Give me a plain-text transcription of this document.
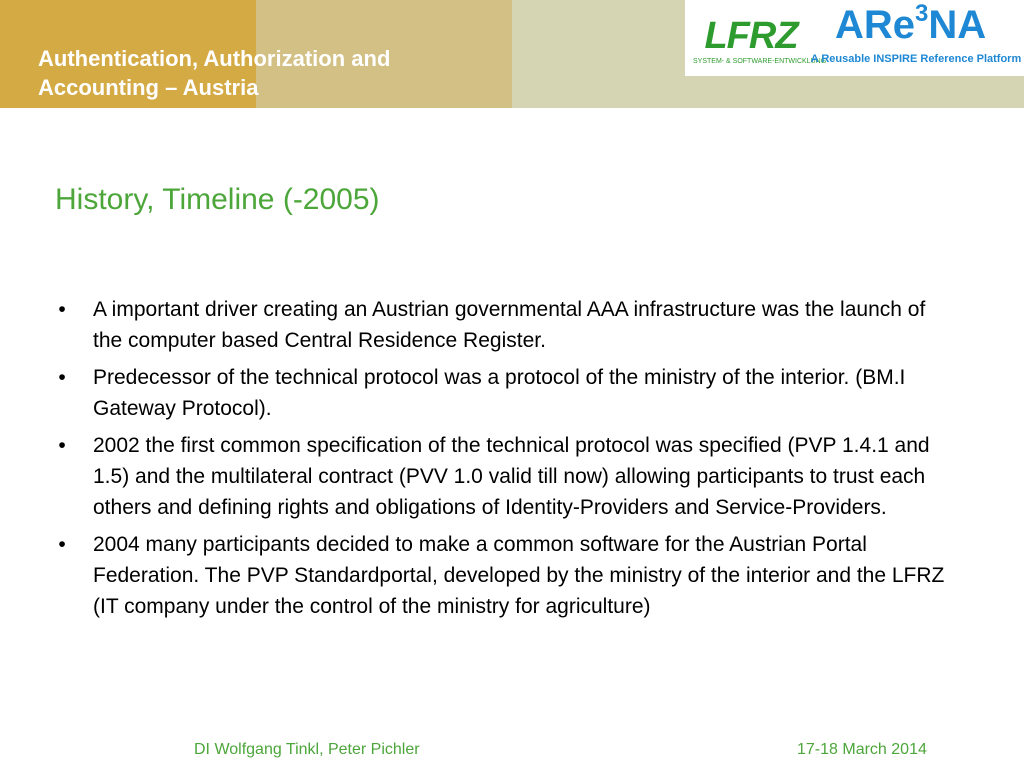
Authentication, Authorization and Accounting – Austria
LFRZ
SYSTEM- & SOFTWARE-ENTWICKLUNG
ARe$^3$NA
A Reusable INSPIRE Reference Platform
History, Timeline (-2005)
• A important driver creating an Austrian governmental AAA infrastructure was the launch of the computer based Central Residence Register.
• Predecessor of the technical protocol was a protocol of the ministry of the interior. (BM.I Gateway Protocol).
• 2002 the first common specification of the technical protocol was specified (PVP 1.4.1 and 1.5) and the multilateral contract (PVV 1.0 valid till now) allowing participants to trust each others and defining rights and obligations of Identity-Providers and Service-Providers.
• 2004 many participants decided to make a common software for the Austrian Portal Federation. The PVP Standardportal, developed by the ministry of the interior and the LFRZ (IT company under the control of the ministry for agriculture)
DI Wolfgang Tinkl, Peter Pichler	17-18 March 2014
